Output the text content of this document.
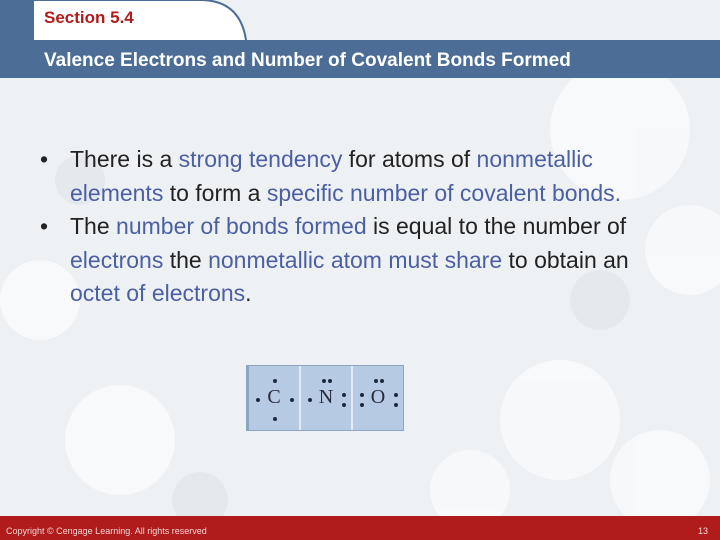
Section 5.4
Valence Electrons and Number of Covalent Bonds Formed
• There is a strong tendency for atoms of nonmetallic elements to form a specific number of covalent bonds.
• The number of bonds formed is equal to the number of electrons the nonmetallic atom must share to obtain an octet of electrons.
C	N	O
Copyright © Cengage Learning. All rights reserved	13
